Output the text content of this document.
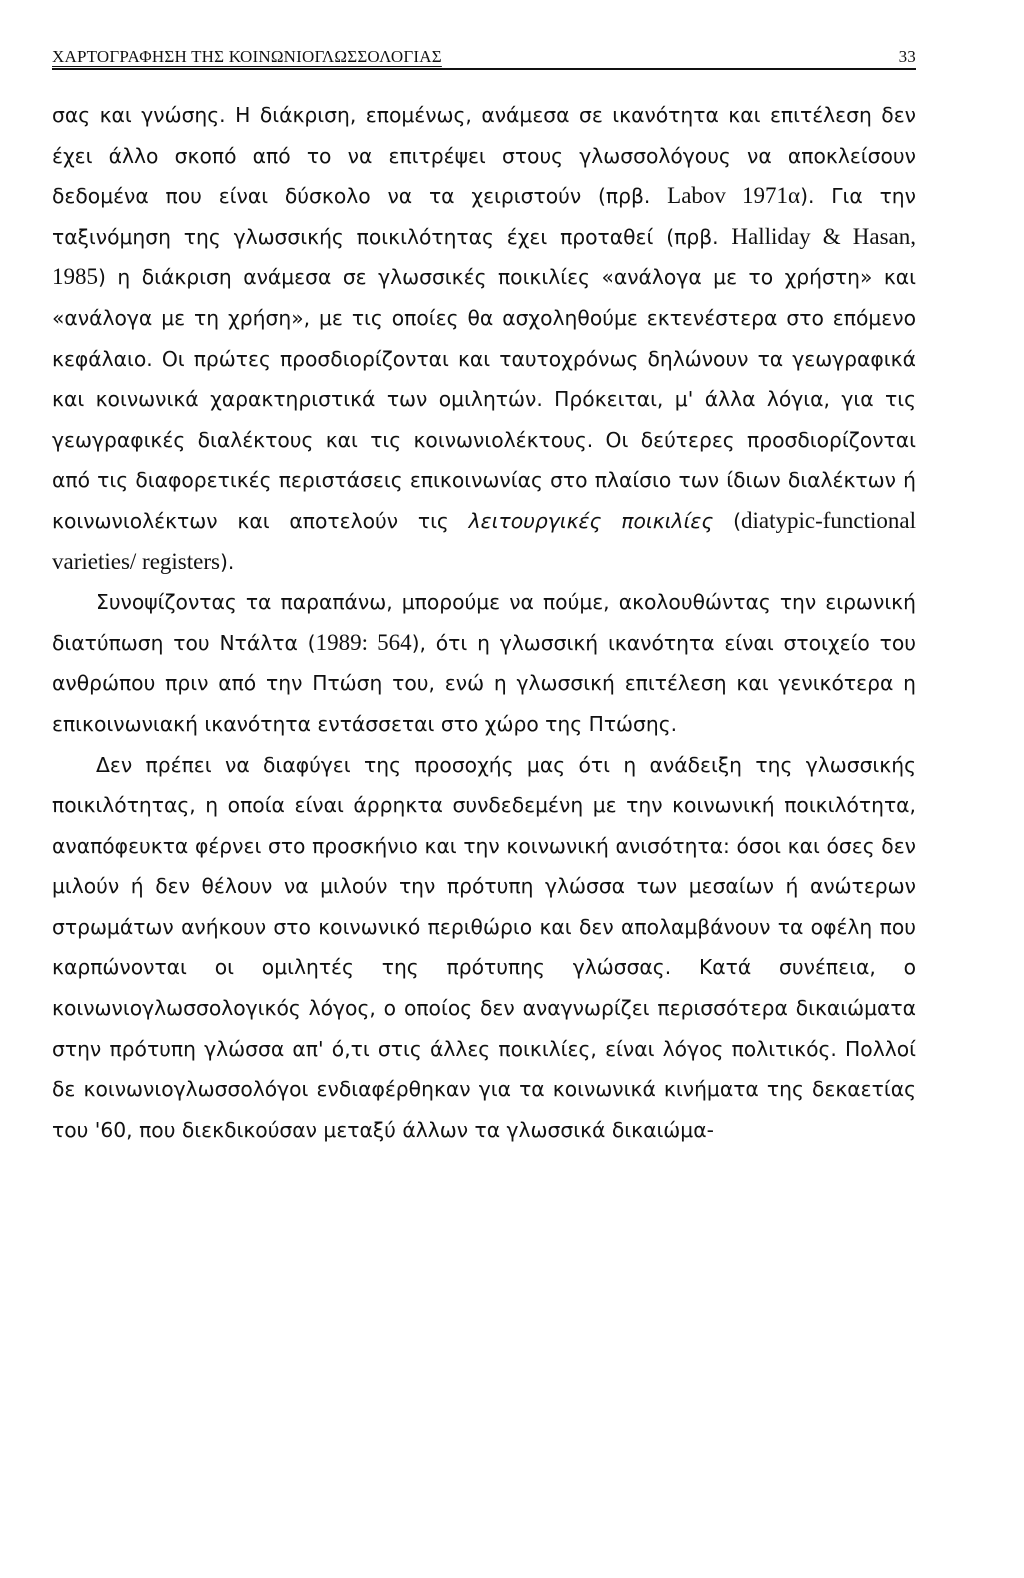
ΧΑΡΤΟΓΡΑΦΗΣΗ ΤΗΣ ΚΟΙΝΩΝΙΟΓΛΩΣΣΟΛΟΓΙΑΣ	33

σας και γνώσης. Η διάκριση, επομένως, ανάμεσα σε ικανότητα και επιτέλεση δεν έχει άλλο σκοπό από το να επιτρέψει στους γλωσσολόγους να αποκλείσουν δεδομένα που είναι δύσκολο να τα χειριστούν (πρβ. Labov 1971α). Για την ταξινόμηση της γλωσσικής ποικιλότητας έχει προταθεί (πρβ. Halliday & Hasan, 1985) η διάκριση ανάμεσα σε γλωσσικές ποικιλίες «ανάλογα με το χρήστη» και «ανάλογα με τη χρήση», με τις οποίες θα ασχοληθούμε εκτενέστερα στο επόμενο κεφάλαιο. Οι πρώτες προσδιορίζονται και ταυτοχρόνως δηλώνουν τα γεωγραφικά και κοινωνικά χαρακτηριστικά των ομιλητών. Πρόκειται, μ' άλλα λόγια, για τις γεωγραφικές διαλέκτους και τις κοινωνιολέκτους. Οι δεύτερες προσδιορίζονται από τις διαφορετικές περιστάσεις επικοινωνίας στο πλαίσιο των ίδιων διαλέκτων ή κοινωνιολέκτων και αποτελούν τις λειτουργικές ποικιλίες (diatypic-functional varieties/ registers).

Συνοψίζοντας τα παραπάνω, μπορούμε να πούμε, ακολουθώντας την ειρωνική διατύπωση του Ντάλτα (1989: 564), ότι η γλωσσική ικανότητα είναι στοιχείο του ανθρώπου πριν από την Πτώση του, ενώ η γλωσσική επιτέλεση και γενικότερα η επικοινωνιακή ικανότητα εντάσσεται στο χώρο της Πτώσης.

Δεν πρέπει να διαφύγει της προσοχής μας ότι η ανάδειξη της γλωσσικής ποικιλότητας, η οποία είναι άρρηκτα συνδεδεμένη με την κοινωνική ποικιλότητα, αναπόφευκτα φέρνει στο προσκήνιο και την κοινωνική ανισότητα: όσοι και όσες δεν μιλούν ή δεν θέλουν να μιλούν την πρότυπη γλώσσα των μεσαίων ή ανώτερων στρωμάτων ανήκουν στο κοινωνικό περιθώριο και δεν απολαμβάνουν τα οφέλη που καρπώνονται οι ομιλητές της πρότυπης γλώσσας. Κατά συνέπεια, ο κοινωνιογλωσσολογικός λόγος, ο οποίος δεν αναγνωρίζει περισσότερα δικαιώματα στην πρότυπη γλώσσα απ' ό,τι στις άλλες ποικιλίες, είναι λόγος πολιτικός. Πολλοί δε κοινωνιογλωσσολόγοι ενδιαφέρθηκαν για τα κοινωνικά κινήματα της δεκαετίας του '60, που διεκδικούσαν μεταξύ άλλων τα γλωσσικά δικαιώμα-
